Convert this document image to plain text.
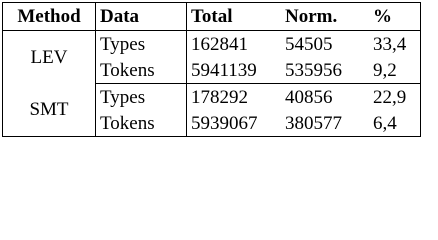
Method	Data	Total	Norm.	%
LEV	Types	162841	54505	33,4
	Tokens	5941139	535956	9,2
SMT	Types	178292	40856	22,9
	Tokens	5939067	380577	6,4
